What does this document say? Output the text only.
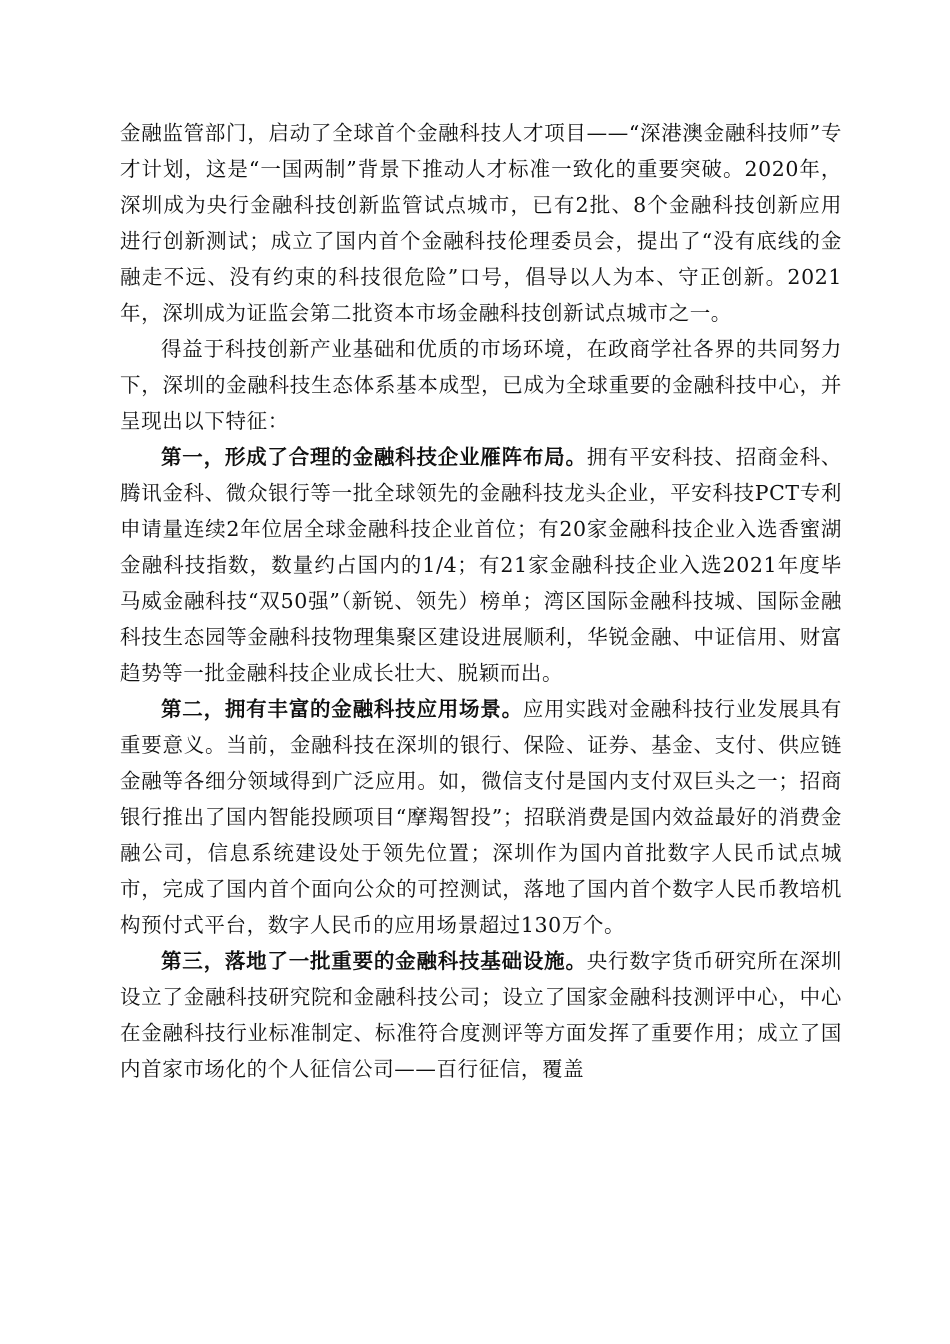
金融监管部门，启动了全球首个金融科技人才项目——“深港澳金融科技师”专才计划，这是“一国两制”背景下推动人才标准一致化的重要突破。2020年，深圳成为央行金融科技创新监管试点城市，已有2批、8个金融科技创新应用进行创新测试；成立了国内首个金融科技伦理委员会，提出了“没有底线的金融走不远、没有约束的科技很危险”口号，倡导以人为本、守正创新。2021年，深圳成为证监会第二批资本市场金融科技创新试点城市之一。

得益于科技创新产业基础和优质的市场环境，在政商学社各界的共同努力下，深圳的金融科技生态体系基本成型，已成为全球重要的金融科技中心，并呈现出以下特征：

第一，形成了合理的金融科技企业雁阵布局。拥有平安科技、招商金科、腾讯金科、微众银行等一批全球领先的金融科技龙头企业，平安科技PCT专利申请量连续2年位居全球金融科技企业首位；有20家金融科技企业入选香蜜湖金融科技指数，数量约占国内的1/4；有21家金融科技企业入选2021年度毕马威金融科技“双50强”（新锐、领先）榜单；湾区国际金融科技城、国际金融科技生态园等金融科技物理集聚区建设进展顺利，华锐金融、中证信用、财富趋势等一批金融科技企业成长壮大、脱颖而出。

第二，拥有丰富的金融科技应用场景。应用实践对金融科技行业发展具有重要意义。当前，金融科技在深圳的银行、保险、证券、基金、支付、供应链金融等各细分领域得到广泛应用。如，微信支付是国内支付双巨头之一；招商银行推出了国内智能投顾项目“摩羯智投”；招联消费是国内效益最好的消费金融公司，信息系统建设处于领先位置；深圳作为国内首批数字人民币试点城市，完成了国内首个面向公众的可控测试，落地了国内首个数字人民币教培机构预付式平台，数字人民币的应用场景超过130万个。

第三，落地了一批重要的金融科技基础设施。央行数字货币研究所在深圳设立了金融科技研究院和金融科技公司；设立了国家金融科技测评中心，中心在金融科技行业标准制定、标准符合度测评等方面发挥了重要作用；成立了国内首家市场化的个人征信公司——百行征信，覆盖
